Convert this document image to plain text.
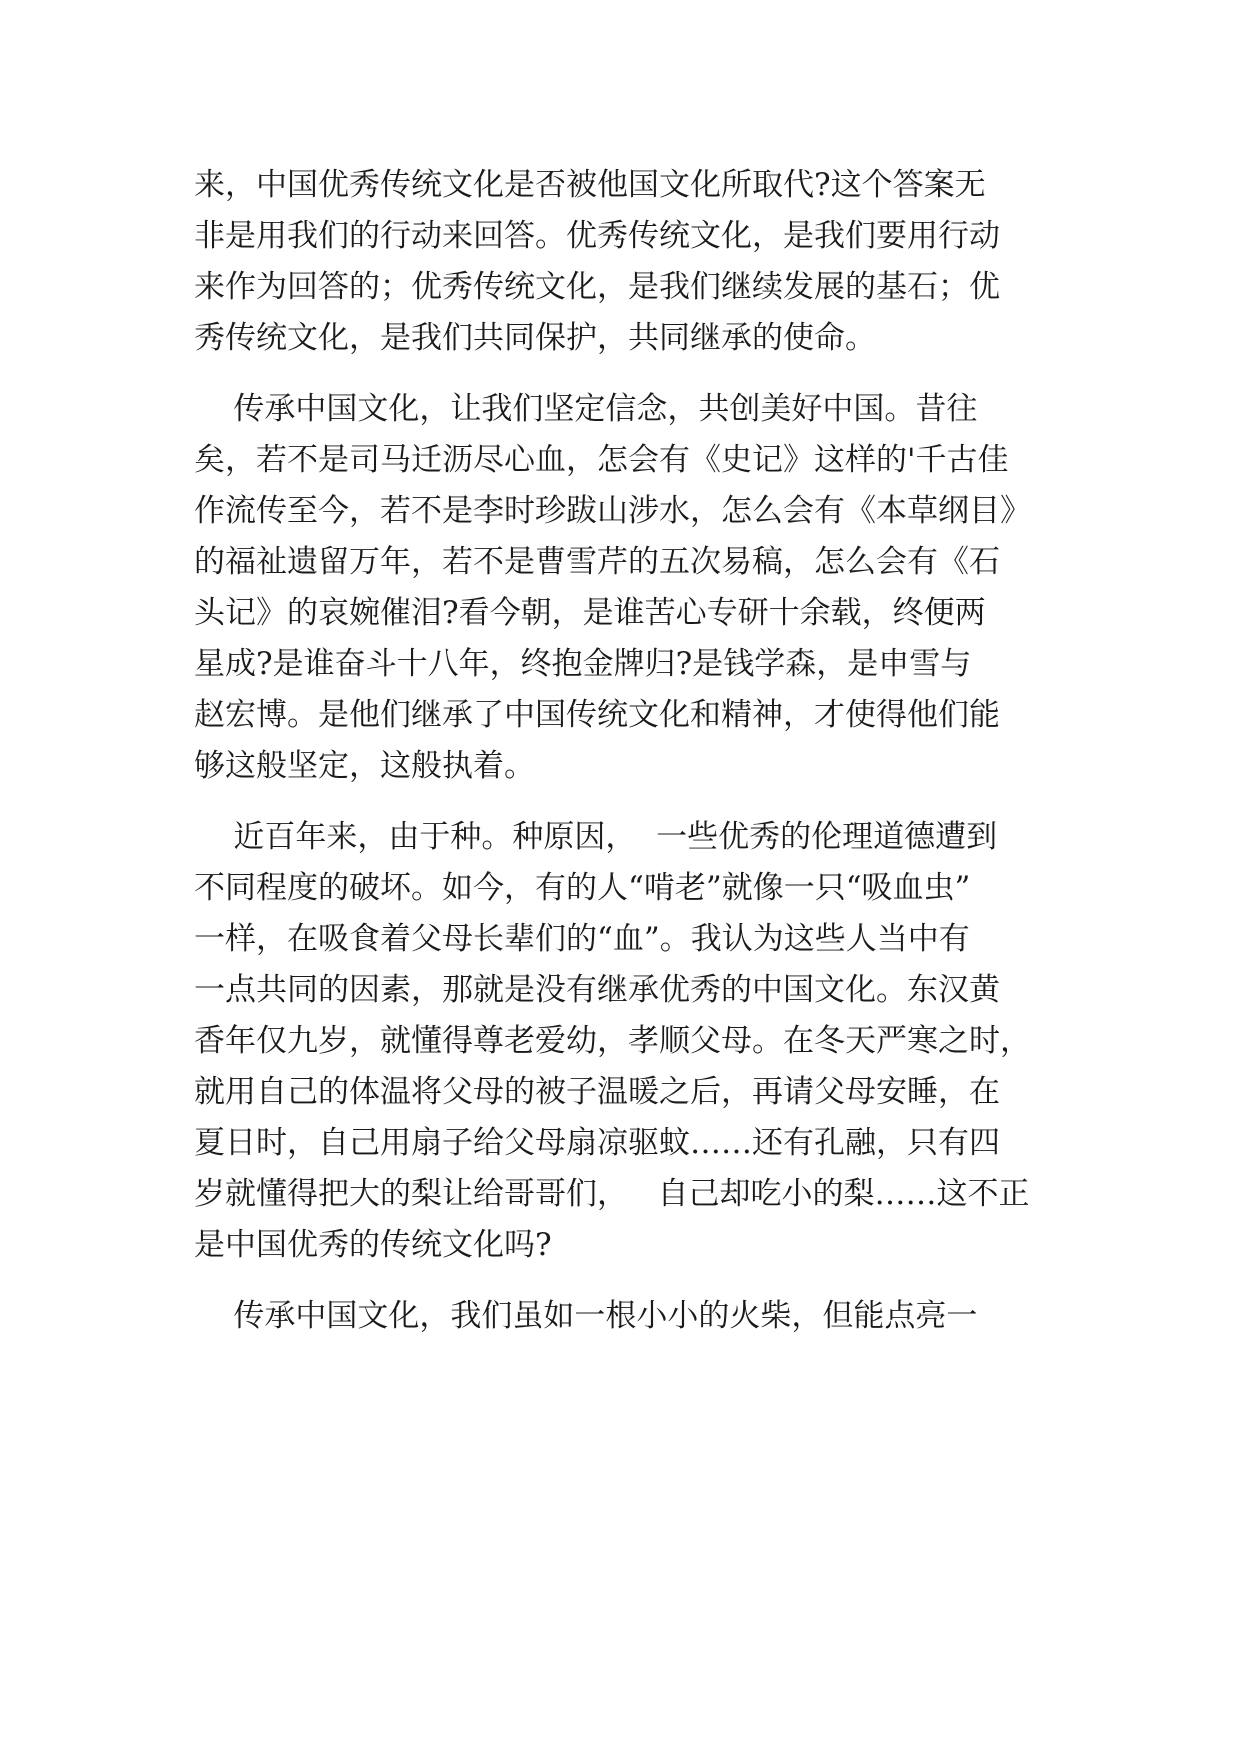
来，中国优秀传统文化是否被他国文化所取代?这个答案无
非是用我们的行动来回答。优秀传统文化，是我们要用行动
来作为回答的；优秀传统文化，是我们继续发展的基石；优
秀传统文化，是我们共同保护，共同继承的使命。
传承中国文化，让我们坚定信念，共创美好中国。昔往
矣，若不是司马迁沥尽心血，怎会有《史记》这样的'千古佳
作流传至今，若不是李时珍跋山涉水，怎么会有《本草纲目》
的福祉遗留万年，若不是曹雪芹的五次易稿，怎么会有《石
头记》的哀婉催泪?看今朝，是谁苦心专研十余载，终便两
星成?是谁奋斗十八年，终抱金牌归?是钱学森，是申雪与
赵宏博。是他们继承了中国传统文化和精神，才使得他们能
够这般坚定，这般执着。
近百年来，由于种。种原因，  一些优秀的伦理道德遭到
不同程度的破坏。如今，有的人“啃老”就像一只“吸血虫”
一样，在吸食着父母长辈们的“血”。我认为这些人当中有
一点共同的因素，那就是没有继承优秀的中国文化。东汉黄
香年仅九岁，就懂得尊老爱幼，孝顺父母。在冬天严寒之时，
就用自己的体温将父母的被子温暖之后，再请父母安睡，在
夏日时，自己用扇子给父母扇凉驱蚊……还有孔融，只有四
岁就懂得把大的梨让给哥哥们，   自己却吃小的梨……这不正
是中国优秀的传统文化吗?
传承中国文化，我们虽如一根小小的火柴，但能点亮一
